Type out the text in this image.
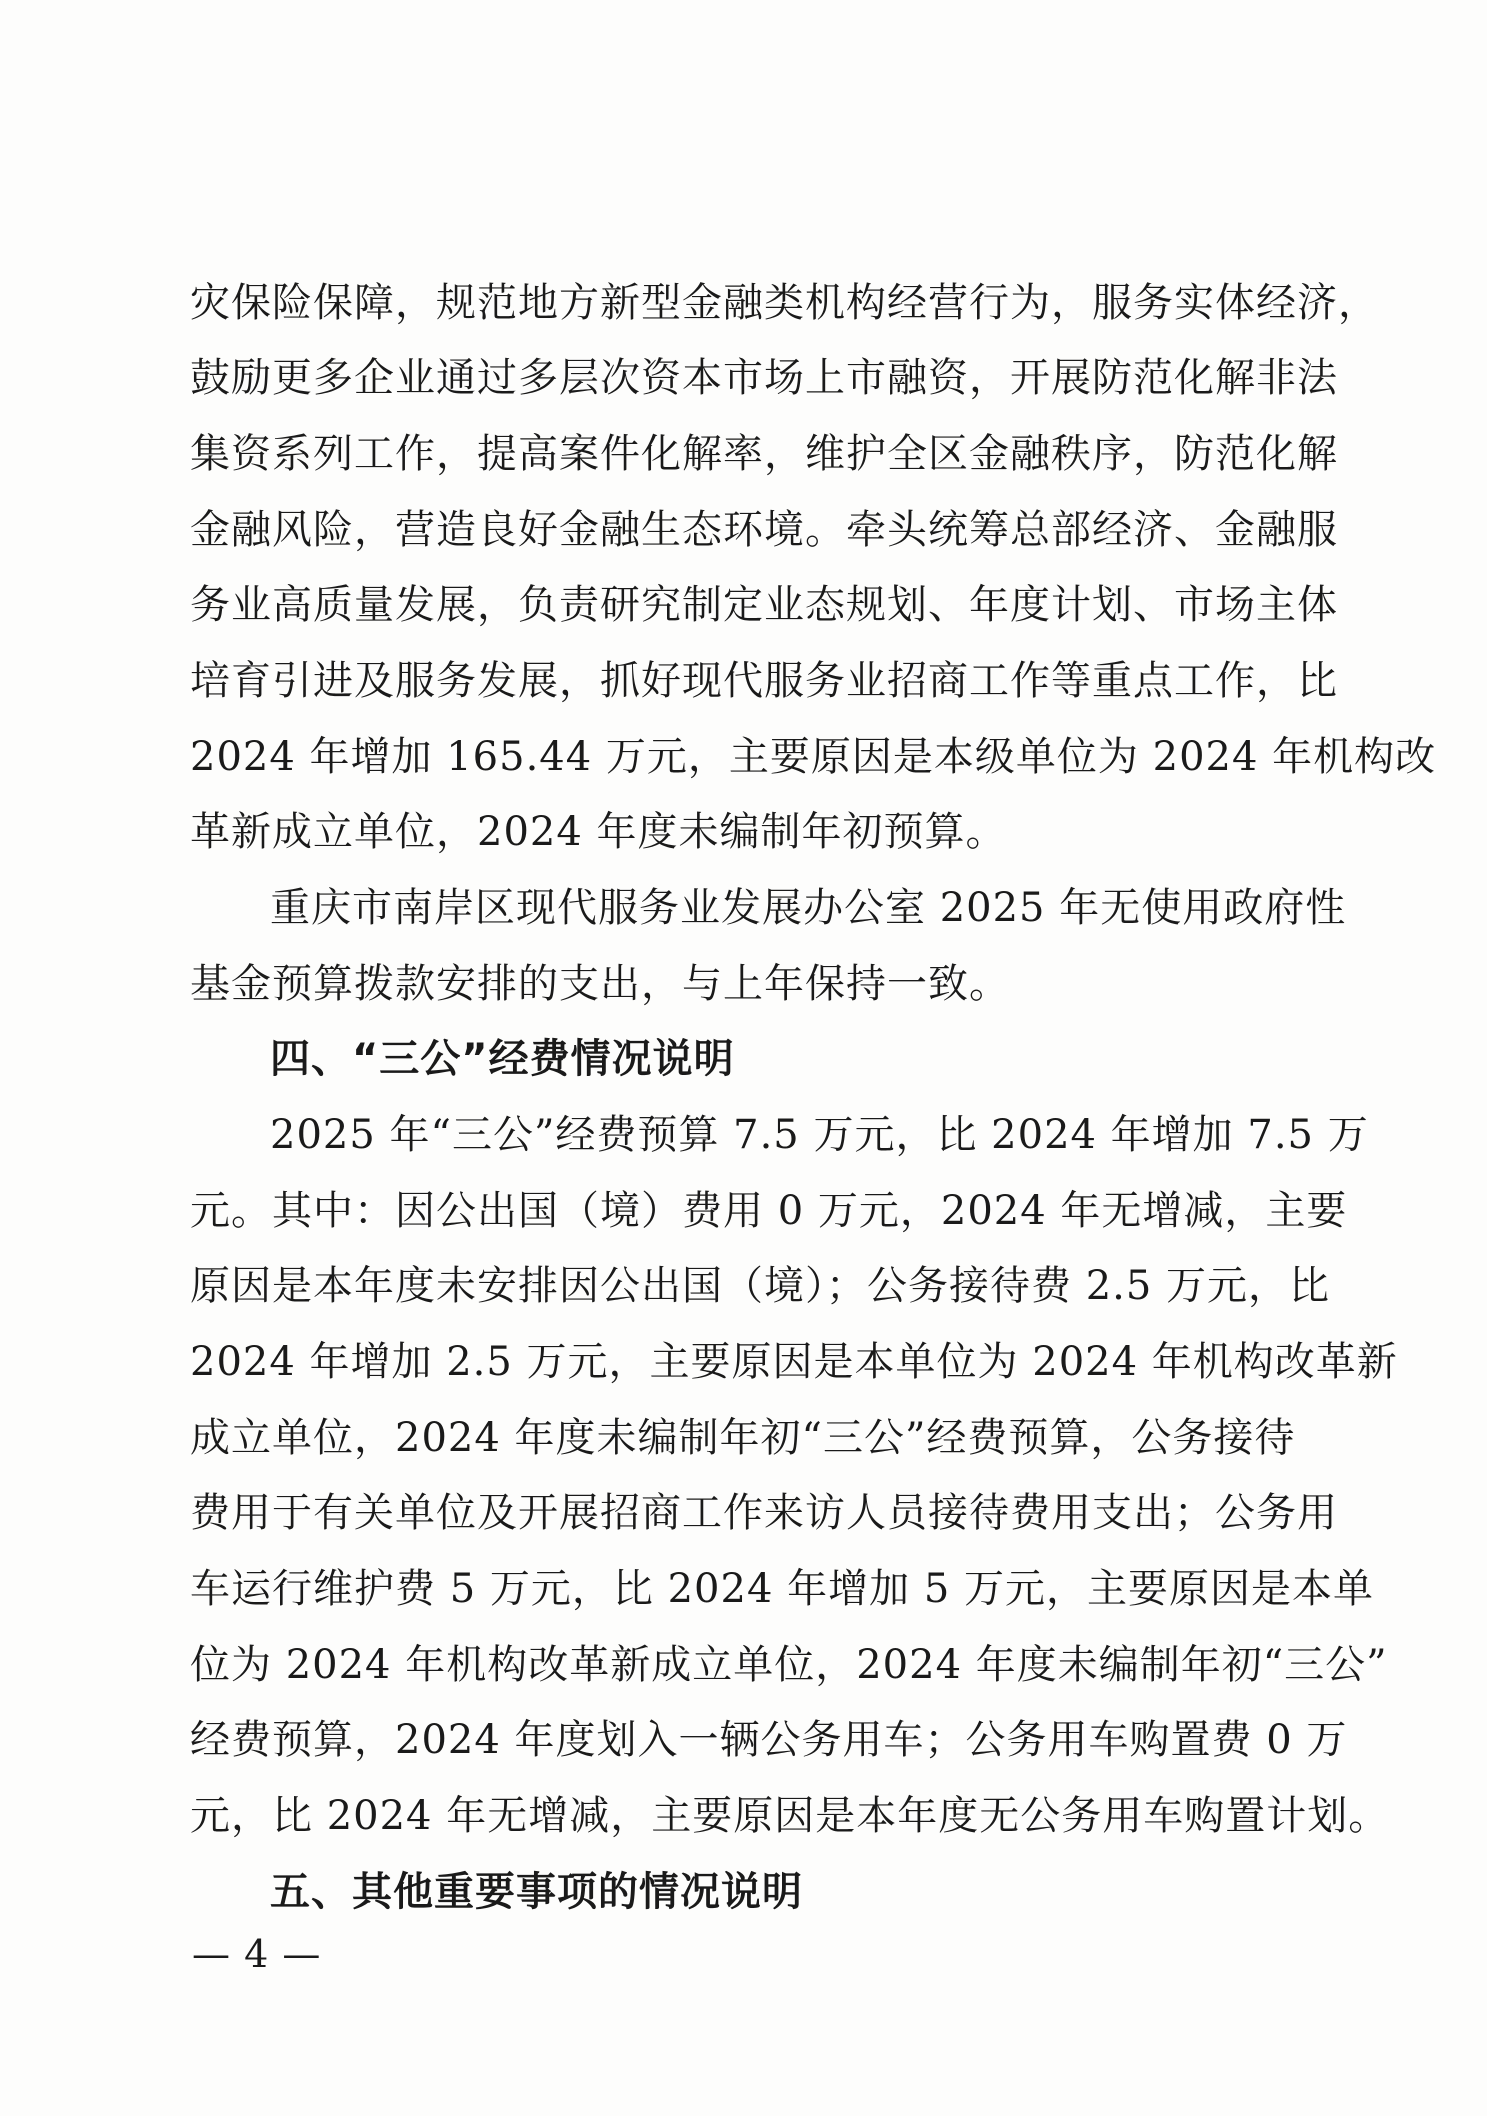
灾保险保障，规范地方新型金融类机构经营行为，服务实体经济，
鼓励更多企业通过多层次资本市场上市融资，开展防范化解非法
集资系列工作，提高案件化解率，维护全区金融秩序，防范化解
金融风险，营造良好金融生态环境。牵头统筹总部经济、金融服
务业高质量发展，负责研究制定业态规划、年度计划、市场主体
培育引进及服务发展，抓好现代服务业招商工作等重点工作，比
2024 年增加 165.44 万元，主要原因是本级单位为 2024 年机构改
革新成立单位，2024 年度未编制年初预算。
重庆市南岸区现代服务业发展办公室 2025 年无使用政府性
基金预算拨款安排的支出，与上年保持一致。
四、“三公”经费情况说明
2025 年“三公”经费预算 7.5 万元，比 2024 年增加 7.5 万
元。其中：因公出国（境）费用 0 万元，2024 年无增减，主要
原因是本年度未安排因公出国（境）；公务接待费 2.5 万元，比
2024 年增加 2.5 万元，主要原因是本单位为 2024 年机构改革新
成立单位，2024 年度未编制年初“三公”经费预算，公务接待
费用于有关单位及开展招商工作来访人员接待费用支出；公务用
车运行维护费 5 万元，比 2024 年增加 5 万元，主要原因是本单
位为 2024 年机构改革新成立单位，2024 年度未编制年初“三公”
经费预算，2024 年度划入一辆公务用车；公务用车购置费 0 万
元，比 2024 年无增减，主要原因是本年度无公务用车购置计划。
五、其他重要事项的情况说明
— 4 —
